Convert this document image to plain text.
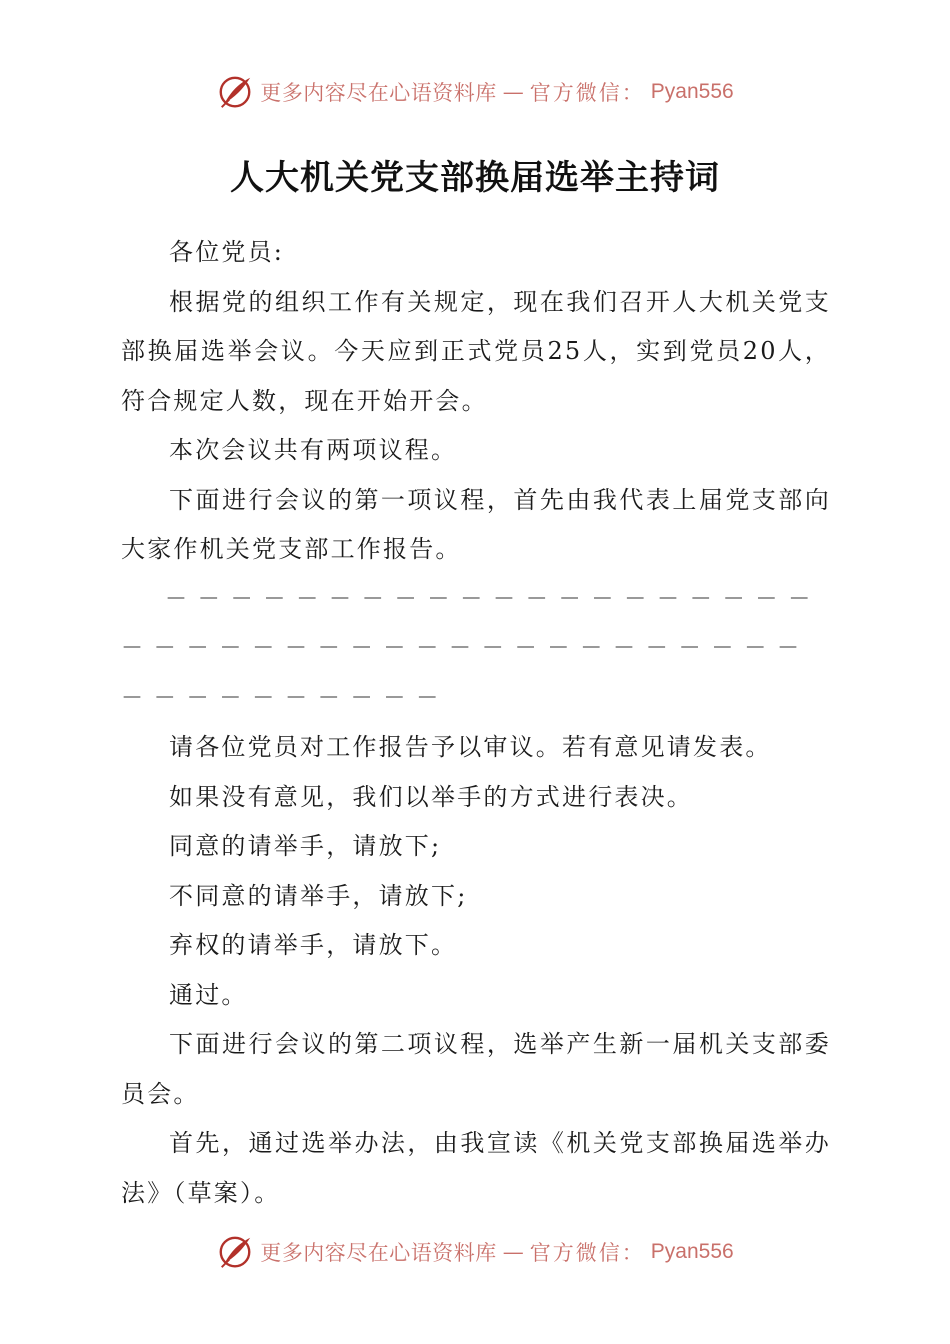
更多内容尽在心语资料库 — 官方微信： Pyan556
人大机关党支部换届选举主持词

各位党员:

根据党的组织工作有关规定，现在我们召开人大机关党支部换届选举会议。今天应到正式党员25人，实到党员20人，符合规定人数，现在开始开会。

本次会议共有两项议程。

下面进行会议的第一项议程，首先由我代表上届党支部向大家作机关党支部工作报告。

－－－－－－－－－－－－－－－－－－－－－－－－－－－－－－－－－－－－－－－－－－－－－－－－－－－

请各位党员对工作报告予以审议。若有意见请发表。

如果没有意见，我们以举手的方式进行表决。

同意的请举手，请放下;

不同意的请举手，请放下;

弃权的请举手，请放下。

通过。

下面进行会议的第二项议程，选举产生新一届机关支部委员会。

首先，通过选举办法，由我宣读《机关党支部换届选举办法》（草案）。

更多内容尽在心语资料库 — 官方微信： Pyan556
